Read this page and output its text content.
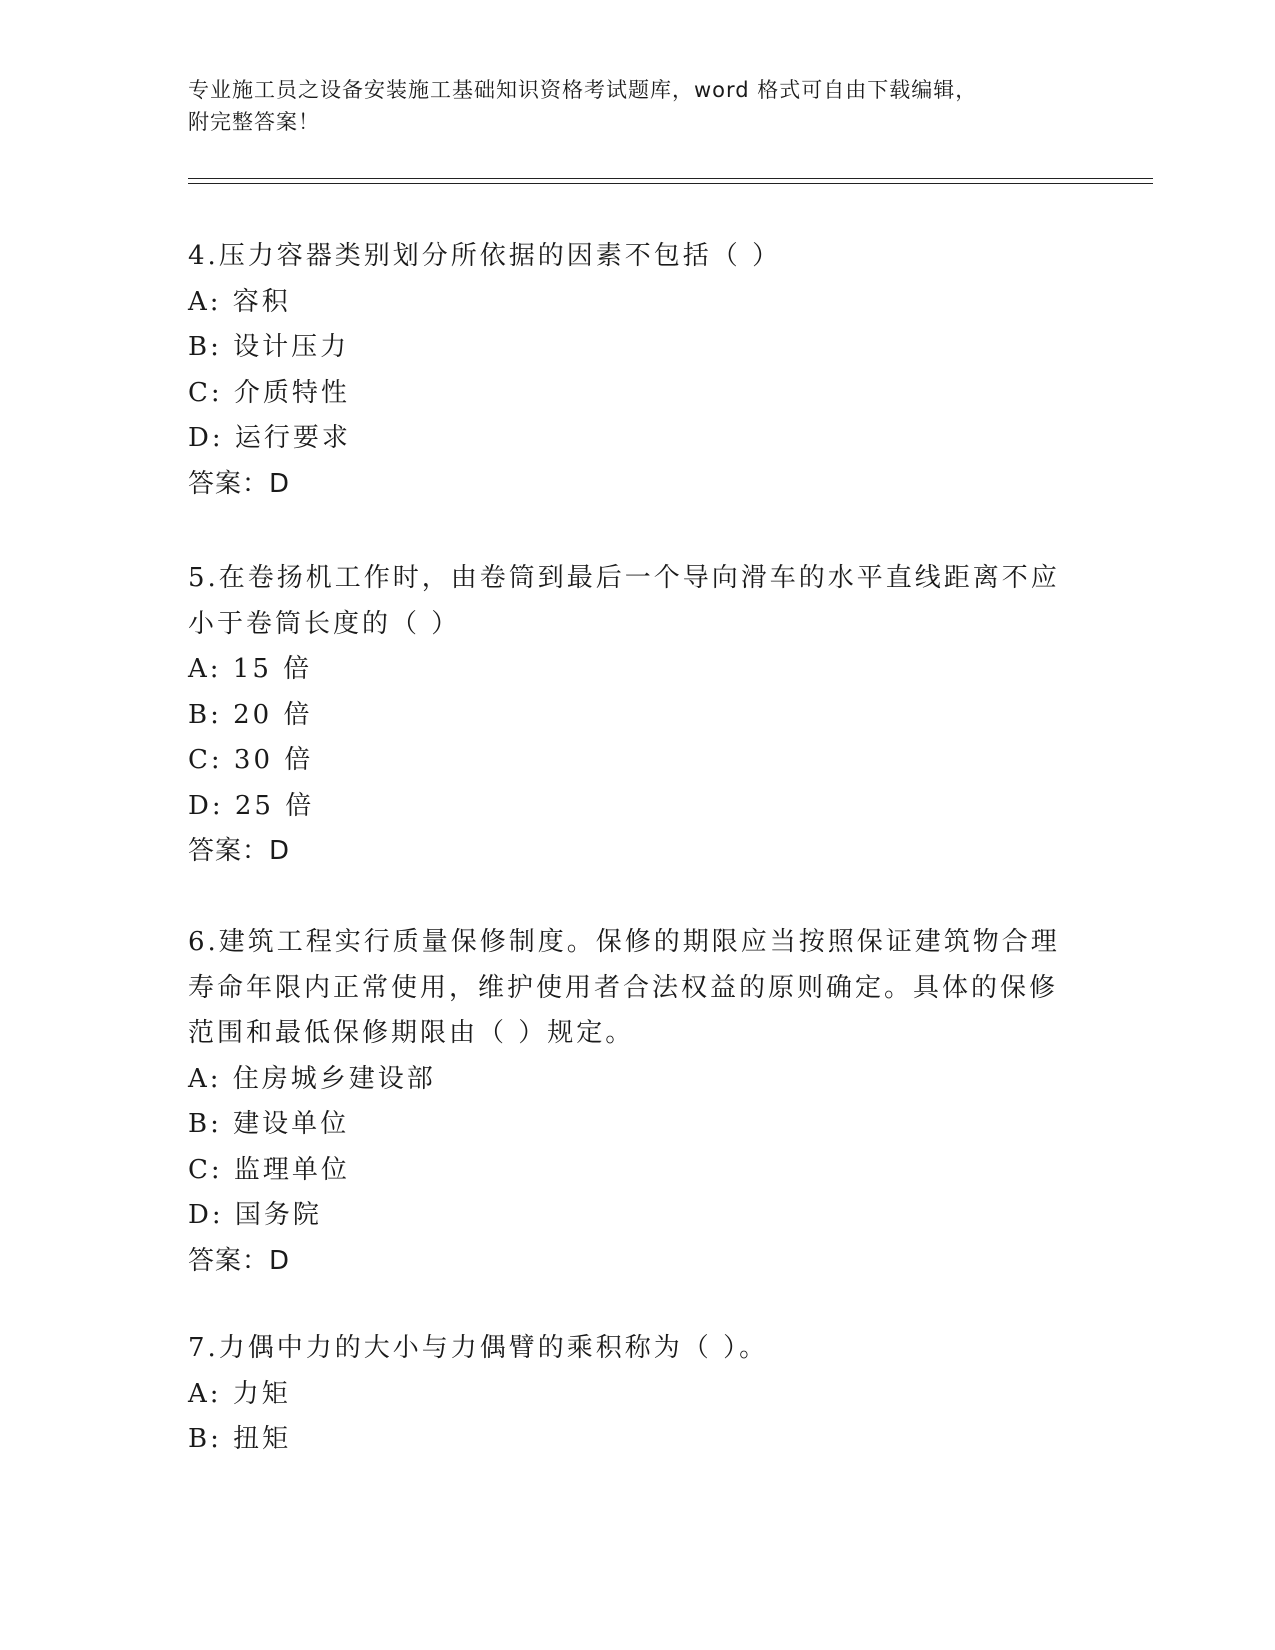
专业施工员之设备安装施工基础知识资格考试题库，word 格式可自由下载编辑，
附完整答案！

4.压力容器类别划分所依据的因素不包括（ ）

A: 容积

B: 设计压力

C: 介质特性

D: 运行要求

答案：D

5.在卷扬机工作时，由卷筒到最后一个导向滑车的水平直线距离不应

小于卷筒长度的（ ）

A: 15 倍

B: 20 倍

C: 30 倍

D: 25 倍

答案：D

6.建筑工程实行质量保修制度。保修的期限应当按照保证建筑物合理

寿命年限内正常使用，维护使用者合法权益的原则确定。具体的保修

范围和最低保修期限由（ ）规定。

A: 住房城乡建设部

B: 建设单位

C: 监理单位

D: 国务院

答案：D

7.力偶中力的大小与力偶臂的乘积称为（ ）。

A: 力矩

B: 扭矩
